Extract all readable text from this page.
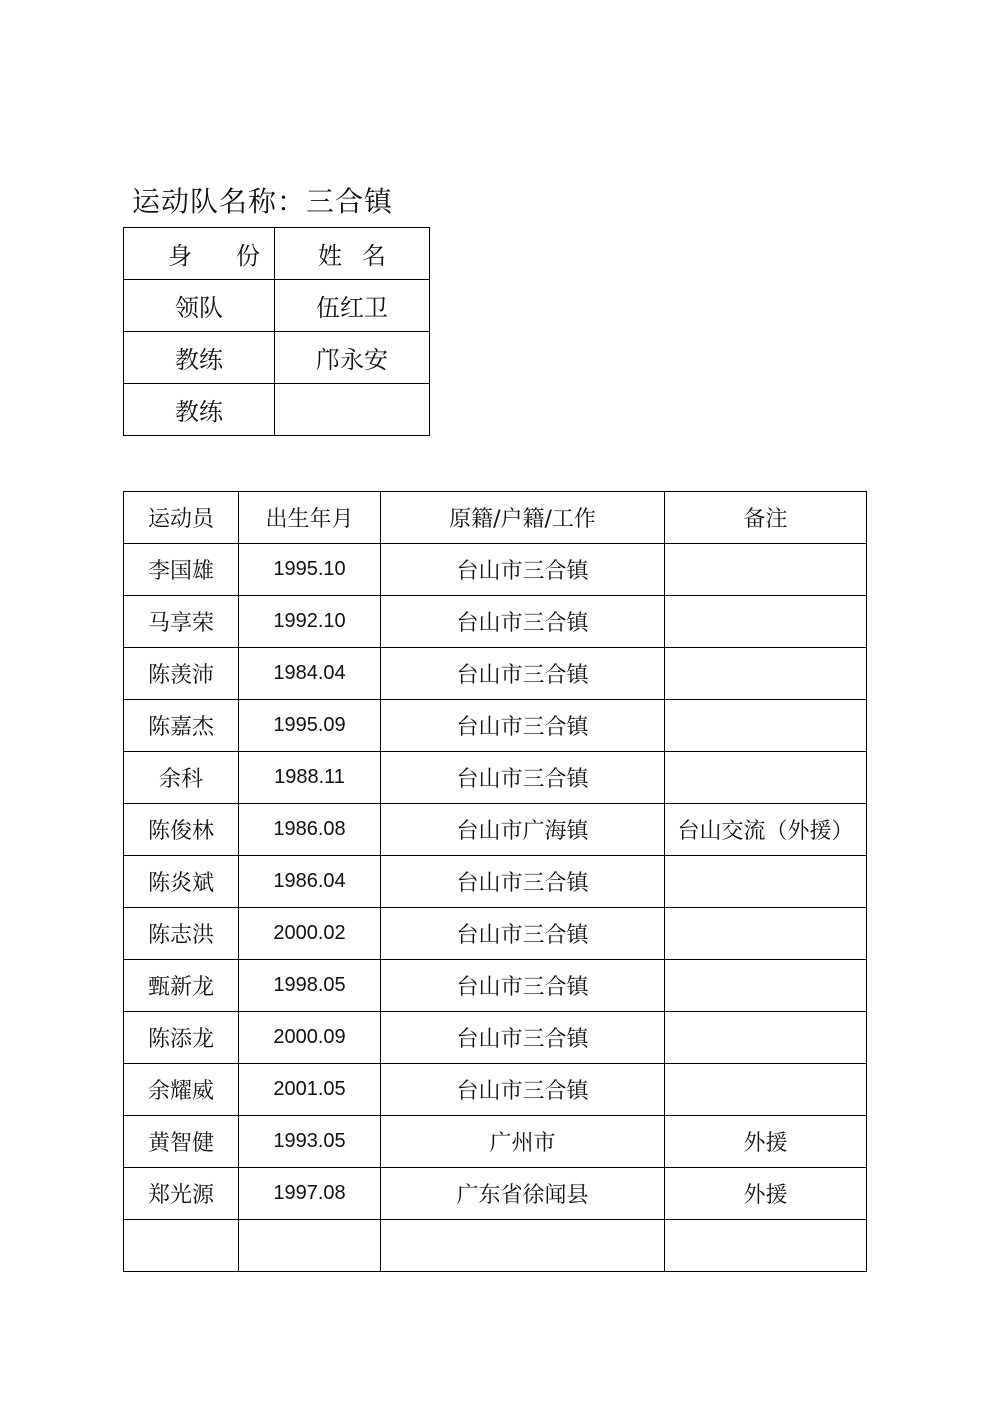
运动队名称：三合镇
身份	姓名
领队	伍红卫
教练	邝永安
教练	
运动员	出生年月	原籍/户籍/工作	备注
李国雄	1995.10	台山市三合镇	
马享荣	1992.10	台山市三合镇	
陈羡沛	1984.04	台山市三合镇	
陈嘉杰	1995.09	台山市三合镇	
余科	1988.11	台山市三合镇	
陈俊林	1986.08	台山市广海镇	台山交流（外援）
陈炎斌	1986.04	台山市三合镇	
陈志洪	2000.02	台山市三合镇	
甄新龙	1998.05	台山市三合镇	
陈添龙	2000.09	台山市三合镇	
余耀威	2001.05	台山市三合镇	
黄智健	1993.05	广州市	外援
郑光源	1997.08	广东省徐闻县	外援
